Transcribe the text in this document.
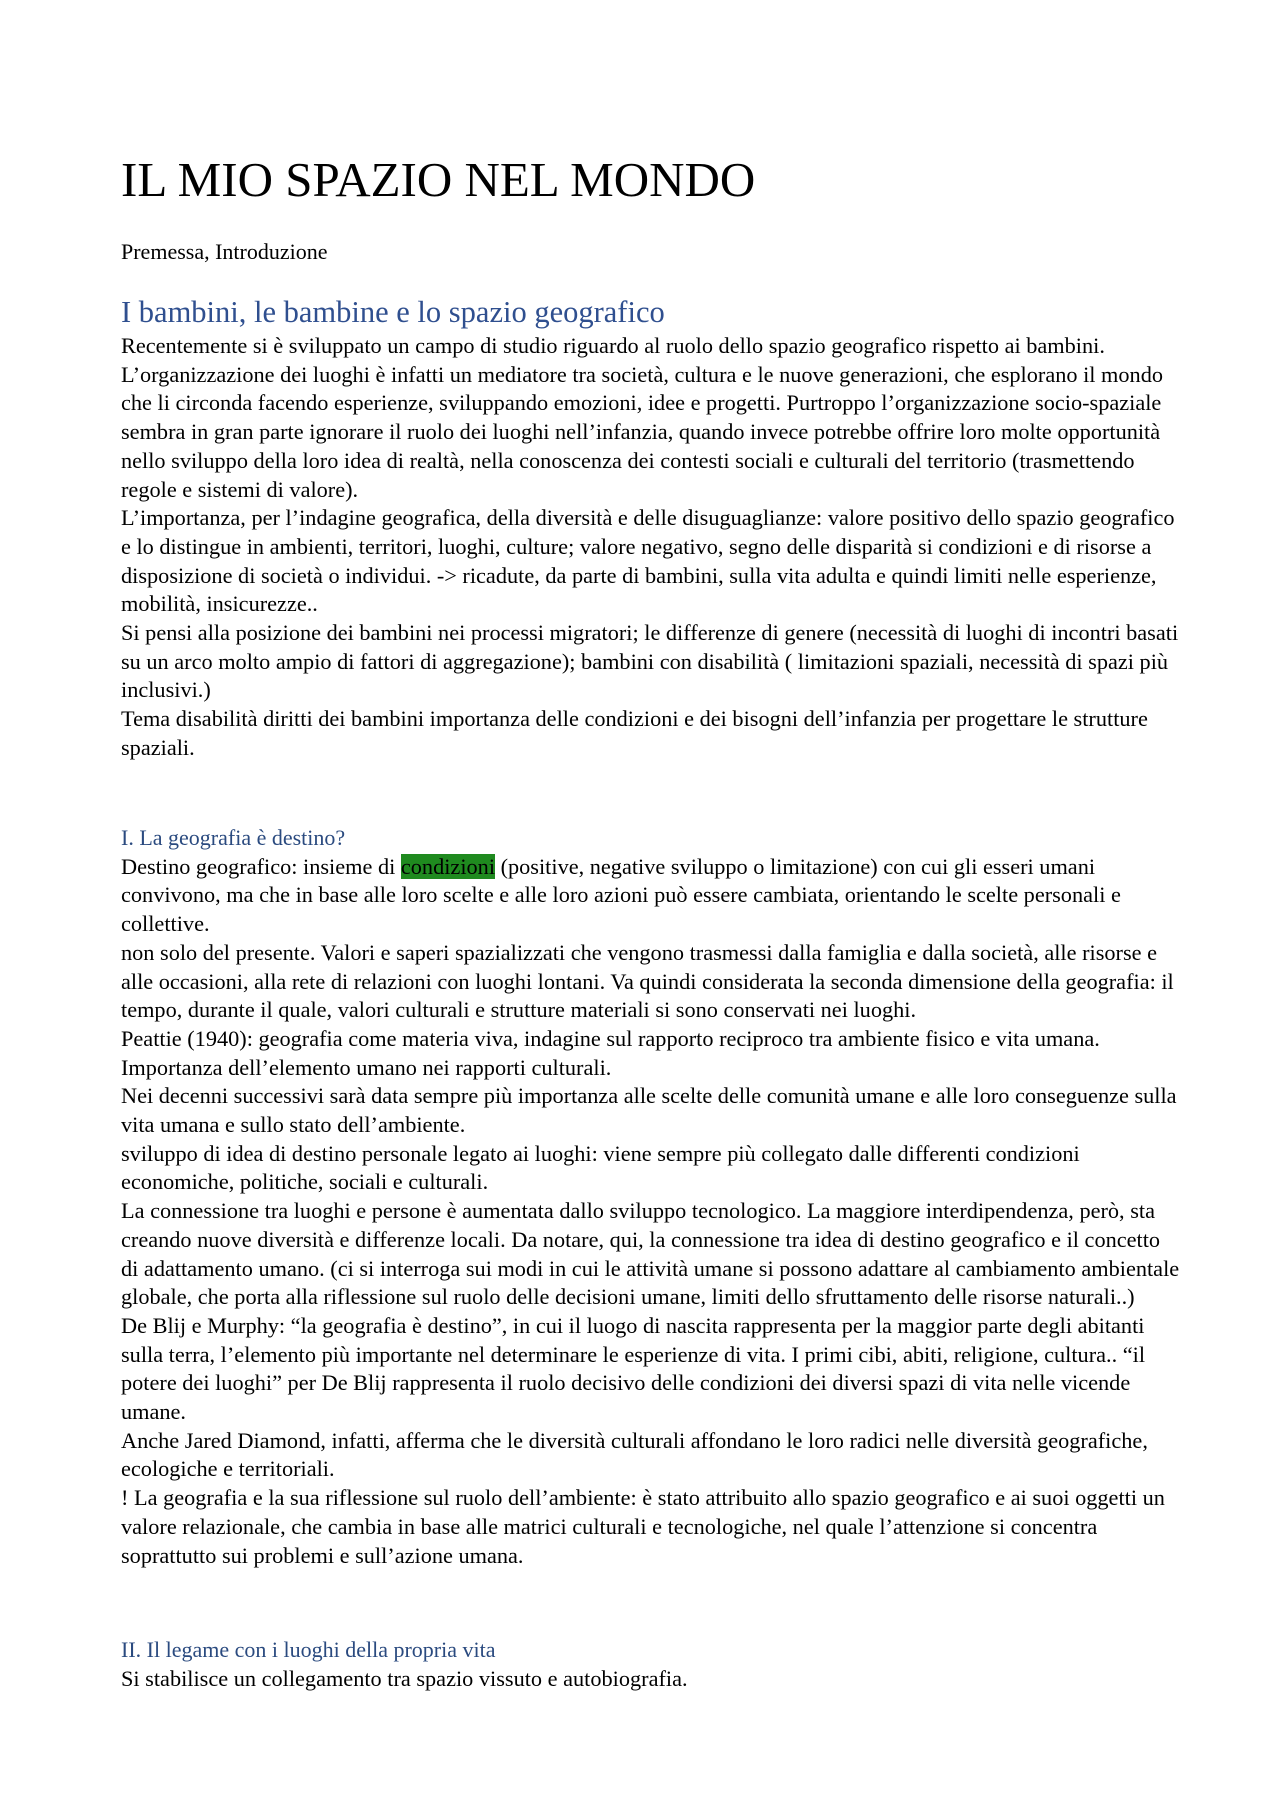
IL MIO SPAZIO NEL MONDO

Premessa, Introduzione

I bambini, le bambine e lo spazio geografico

Recentemente si è sviluppato un campo di studio riguardo al ruolo dello spazio geografico rispetto ai bambini. L’organizzazione dei luoghi è infatti un mediatore tra società, cultura e le nuove generazioni, che esplorano il mondo che li circonda facendo esperienze, sviluppando emozioni, idee e progetti. Purtroppo l’organizzazione socio-spaziale sembra in gran parte ignorare il ruolo dei luoghi nell’infanzia, quando invece potrebbe offrire loro molte opportunità nello sviluppo della loro idea di realtà, nella conoscenza dei contesti sociali e culturali del territorio (trasmettendo regole e sistemi di valore).

L’importanza, per l’indagine geografica, della diversità e delle disuguaglianze: valore positivo dello spazio geografico e lo distingue in ambienti, territori, luoghi, culture; valore negativo, segno delle disparità si condizioni e di risorse a disposizione di società o individui. -> ricadute, da parte di bambini, sulla vita adulta e quindi limiti nelle esperienze, mobilità, insicurezze..

Si pensi alla posizione dei bambini nei processi migratori; le differenze di genere (necessità di luoghi di incontri basati su un arco molto ampio di fattori di aggregazione); bambini con disabilità ( limitazioni spaziali, necessità di spazi più inclusivi.)

Tema disabilità diritti dei bambini importanza delle condizioni e dei bisogni dell’infanzia per progettare le strutture spaziali.

I. La geografia è destino?

Destino geografico: insieme di condizioni (positive, negative sviluppo o limitazione) con cui gli esseri umani convivono, ma che in base alle loro scelte e alle loro azioni può essere cambiata, orientando le scelte personali e collettive.

non solo del presente. Valori e saperi spazializzati che vengono trasmessi dalla famiglia e dalla società, alle risorse e alle occasioni, alla rete di relazioni con luoghi lontani. Va quindi considerata la seconda dimensione della geografia: il tempo, durante il quale, valori culturali e strutture materiali si sono conservati nei luoghi.

Peattie (1940): geografia come materia viva, indagine sul rapporto reciproco tra ambiente fisico e vita umana. Importanza dell’elemento umano nei rapporti culturali.

Nei decenni successivi sarà data sempre più importanza alle scelte delle comunità umane e alle loro conseguenze sulla vita umana e sullo stato dell’ambiente.

sviluppo di idea di destino personale legato ai luoghi: viene sempre più collegato dalle differenti condizioni economiche, politiche, sociali e culturali.

La connessione tra luoghi e persone è aumentata dallo sviluppo tecnologico. La maggiore interdipendenza, però, sta creando nuove diversità e differenze locali. Da notare, qui, la connessione tra idea di destino geografico e il concetto di adattamento umano. (ci si interroga sui modi in cui le attività umane si possono adattare al cambiamento ambientale globale, che porta alla riflessione sul ruolo delle decisioni umane, limiti dello sfruttamento delle risorse naturali..)

De Blij e Murphy: “la geografia è destino”, in cui il luogo di nascita rappresenta per la maggior parte degli abitanti sulla terra, l’elemento più importante nel determinare le esperienze di vita. I primi cibi, abiti, religione, cultura.. “il potere dei luoghi” per De Blij rappresenta il ruolo decisivo delle condizioni dei diversi spazi di vita nelle vicende umane.

Anche Jared Diamond, infatti, afferma che le diversità culturali affondano le loro radici nelle diversità geografiche, ecologiche e territoriali.

! La geografia e la sua riflessione sul ruolo dell’ambiente: è stato attribuito allo spazio geografico e ai suoi oggetti un valore relazionale, che cambia in base alle matrici culturali e tecnologiche, nel quale l’attenzione si concentra soprattutto sui problemi e sull’azione umana.

II. Il legame con i luoghi della propria vita

Si stabilisce un collegamento tra spazio vissuto e autobiografia.
